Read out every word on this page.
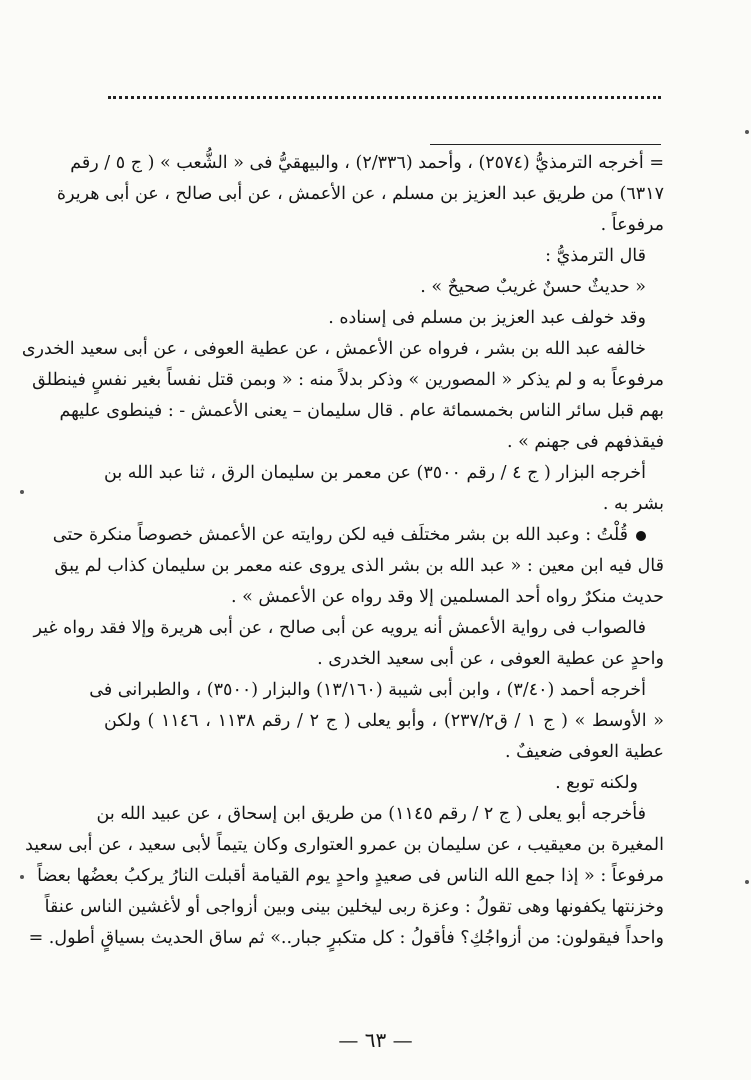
= أخرجه الترمذيُّ (٢٥٧٤) ، وأحمد (٢/٣٣٦) ، والبيهقيُّ فى « الشُّعب » ( ج ٥ / رقم
٦٣١٧) من طريق عبد العزيز بن مسلم ، عن الأعمش ، عن أبى صالح ، عن أبى هريرة
مرفوعاً .
قال الترمذيُّ :
« حديثٌ حسنٌ غريبٌ صحيحٌ » .
وقد خولف عبد العزيز بن مسلم فى إسناده .
خالفه عبد الله بن بشر ، فرواه عن الأعمش ، عن عطية العوفى ، عن أبى سعيد الخدرى
مرفوعاً به و لم يذكر « المصورين » وذكر بدلاً منه : « وبمن قتل نفساً بغير نفسٍ فينطلق
بهم قبل سائر الناس بخمسمائة عام . قال سليمان – يعنى الأعمش - : فينطوى عليهم
فيقذفهم فى جهنم » .
أخرجه البزار ( ج ٤ / رقم ٣٥٠٠) عن معمر بن سليمان الرق ، ثنا عبد الله بن
بشر به .
قُلْتُ : وعبد الله بن بشر مختلَف فيه لكن روايته عن الأعمش خصوصاً منكرة حتى
قال فيه ابن معين : « عبد الله بن بشر الذى يروى عنه معمر بن سليمان كذاب لم يبق
حديث منكرٌ رواه أحد المسلمين إلا وقد رواه عن الأعمش » .
فالصواب فى رواية الأعمش أنه يرويه عن أبى صالح ، عن أبى هريرة وإلا فقد رواه غير
واحدٍ عن عطية العوفى ، عن أبى سعيد الخدرى .
أخرجه أحمد (٣/٤٠) ، وابن أبى شيبة (١٣/١٦٠) والبزار (٣٥٠٠) ، والطبرانى فى
« الأوسط » ( ج ١ / ق٢٣٧/٢) ، وأبو يعلى ( ج ٢ / رقم ١١٣٨ ، ١١٤٦ ) ولكن
عطية العوفى ضعيفٌ .
ولكنه توبع .
فأخرجه أبو يعلى ( ج ٢ / رقم ١١٤٥) من طريق ابن إسحاق ، عن عبيد الله بن
المغيرة بن معيقيب ، عن سليمان بن عمرو العتوارى وكان يتيماً لأبى سعيد ، عن أبى سعيد
مرفوعاً : « إذا جمع الله الناس فى صعيدٍ واحدٍ يوم القيامة أقبلت النارُ يركبُ بعضُها بعضاً
وخزنتها يكفونها وهى تقولُ : وعزة ربى ليخلين بينى وبين أزواجى أو لأغشين الناس عنقاً
واحداً فيقولون: من أزواجُكِ؟ فأقولُ : كل متكبرٍ جبار..» ثم ساق الحديث بسياقٍ أطول. =
— ٦٣ —
